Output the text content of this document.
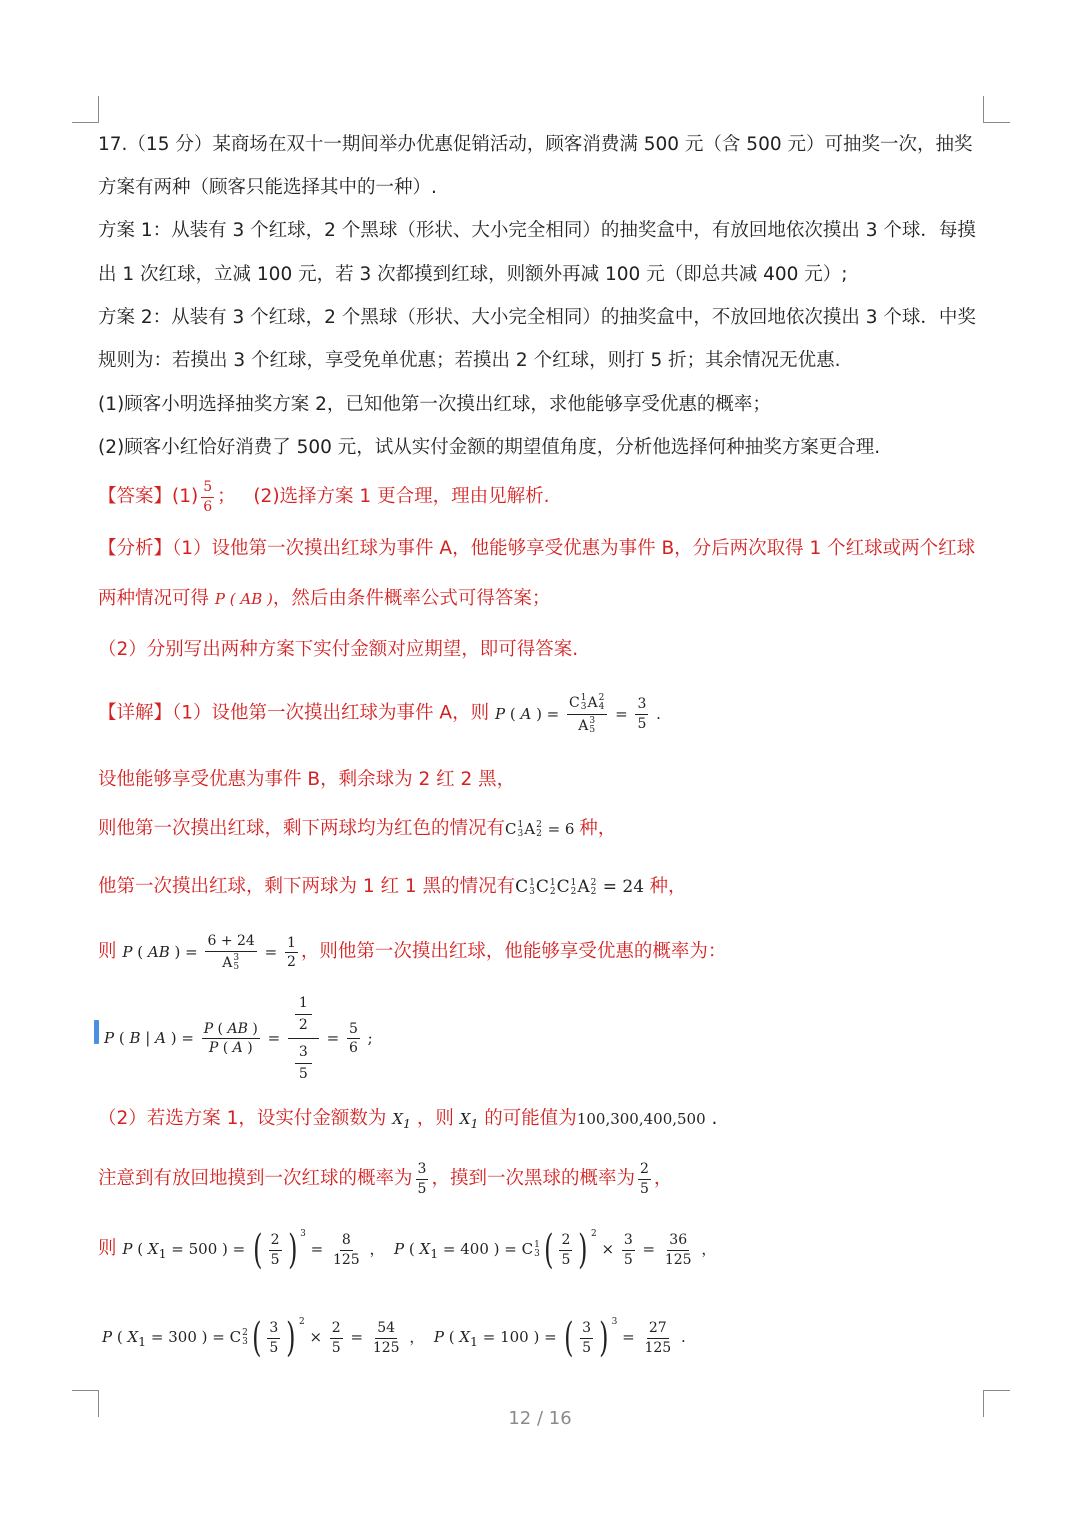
17.（15 分）某商场在双十一期间举办优惠促销活动，顾客消费满 500 元（含 500 元）可抽奖一次，抽奖
方案有两种（顾客只能选择其中的一种）.
方案 1：从装有 3 个红球，2 个黑球（形状、大小完全相同）的抽奖盒中，有放回地依次摸出 3 个球．每摸
出 1 次红球，立减 100 元，若 3 次都摸到红球，则额外再减 100 元（即总共减 400 元）;
方案 2：从装有 3 个红球，2 个黑球（形状、大小完全相同）的抽奖盒中，不放回地依次摸出 3 个球．中奖
规则为：若摸出 3 个红球，享受免单优惠；若摸出 2 个红球，则打 5 折；其余情况无优惠.
(1)顾客小明选择抽奖方案 2，已知他第一次摸出红球，求他能够享受优惠的概率；
(2)顾客小红恰好消费了 500 元，试从实付金额的期望值角度，分析他选择何种抽奖方案更合理.
【答案】$(1) \frac{5}{6}$ ； (2)选择方案 1 更合理，理由见解析.
【分析】（1）设他第一次摸出红球为事件 A，他能够享受优惠为事件 B，分后两次取得 1 个红球或两个红球
两种情况可得 P ( AB )，然后由条件概率公式可得答案；
（2）分别写出两种方案下实付金额对应期望，即可得答案.
【详解】（1）设他第一次摸出红球为事件 A，则 P ( A ) = C 1
3 A 2
4
A 3
$5 = \frac{3}{5}$ .
设他能够享受优惠为事件 B，剩余球为 2 红 2 黑，
则他第一次摸出红球，剩下两球均为红色的情况有C 1
3 A 2
2 = 6 种，
他第一次摸出红球，剩下两球为 1 红 1 黑的情况有C 1
3 C 1
2 C 1
2 A 2
2 = 24 种，
则 P ( AB ) = 6 + 24
A 3
$5 = \frac{1}{2}$ ，则他第一次摸出红球，他能够享受优惠的概率为：
P ( B | A ) = $\frac{P ( AB )}{P ( A )} = \frac{\frac{1}{2}}{\frac{3}{5}} = \frac{5}{6}$ ;
（2）若选方案 1，设实付金额数为 $X_1$ ，则 $X_1$ 的可能值为100,300,400,500 .
注意到有放回地摸到一次红球的概率为 $\frac{3}{5}$ ，摸到一次黑球的概率为 $\frac{2}{5}$ ，
则 P ( $X_1 = 500$ ) = ( $\frac{2}{5}$ ) $^3 = \frac{8}{125}$ ，  P ( $X_1 = 400$ ) = C 1
3 ( $\frac{2}{5}$ ) $^2 \times \frac{3}{5} = \frac{36}{125}$ ，
P ( $X_1 = 300$ ) = C 2
3 ( $\frac{3}{5}$ ) $^2 \times \frac{2}{5} = \frac{54}{125}$ ，  P ( $X_1 = 100$ ) = ( $\frac{3}{5}$ ) $^3 = \frac{27}{125}$ .
12 / 16
